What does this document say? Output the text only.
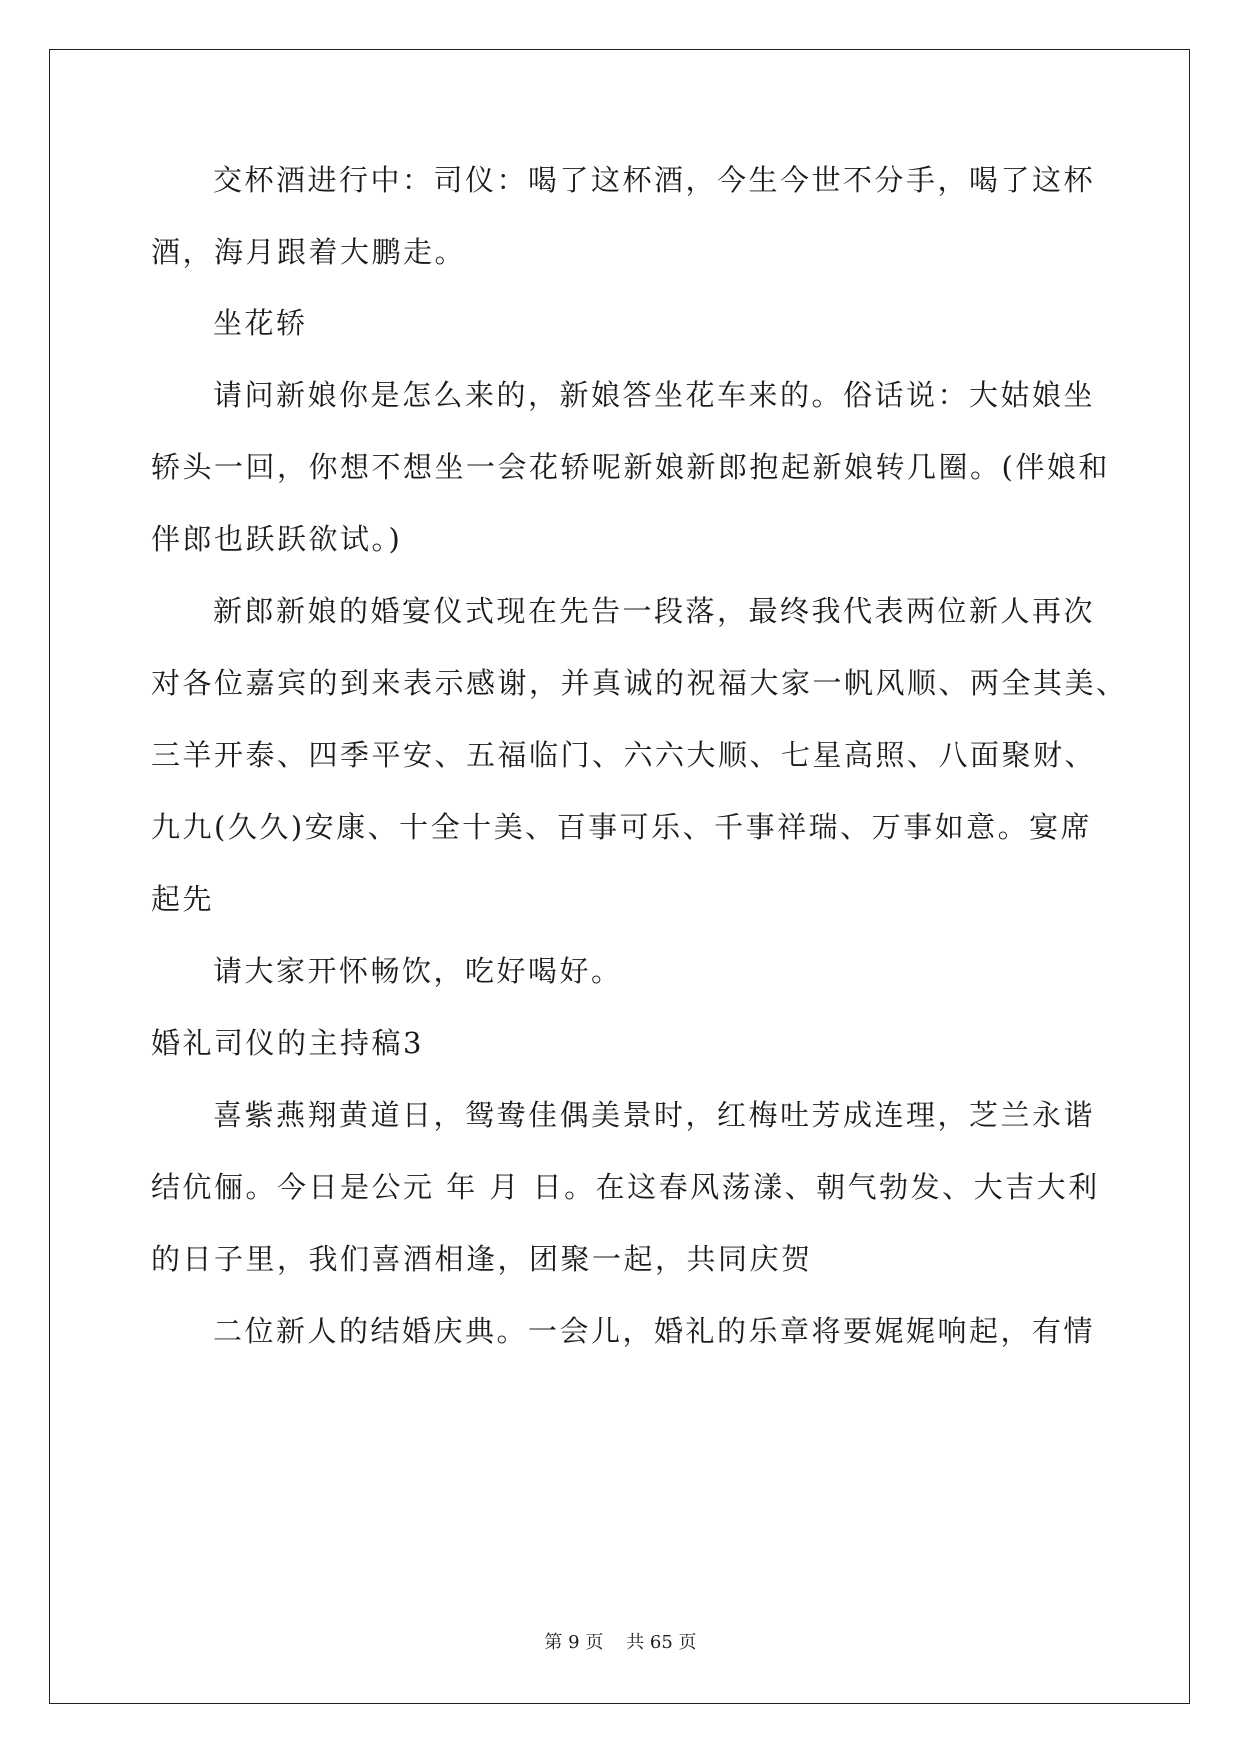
交杯酒进行中：司仪：喝了这杯酒，今生今世不分手，喝了这杯
酒，海月跟着大鹏走。
坐花轿
请问新娘你是怎么来的，新娘答坐花车来的。俗话说：大姑娘坐
轿头一回，你想不想坐一会花轿呢新娘新郎抱起新娘转几圈。(伴娘和
伴郎也跃跃欲试。)
新郎新娘的婚宴仪式现在先告一段落，最终我代表两位新人再次
对各位嘉宾的到来表示感谢，并真诚的祝福大家一帆风顺、两全其美、
三羊开泰、四季平安、五福临门、六六大顺、七星高照、八面聚财、
九九(久久)安康、十全十美、百事可乐、千事祥瑞、万事如意。宴席
起先
请大家开怀畅饮，吃好喝好。
婚礼司仪的主持稿3
喜紫燕翔黄道日，鸳鸯佳偶美景时，红梅吐芳成连理，芝兰永谐
结伉俪。今日是公元 年 月 日。在这春风荡漾、朝气勃发、大吉大利
的日子里，我们喜酒相逢，团聚一起，共同庆贺
二位新人的结婚庆典。一会儿，婚礼的乐章将要娓娓响起，有情
第 9 页    共 65 页
